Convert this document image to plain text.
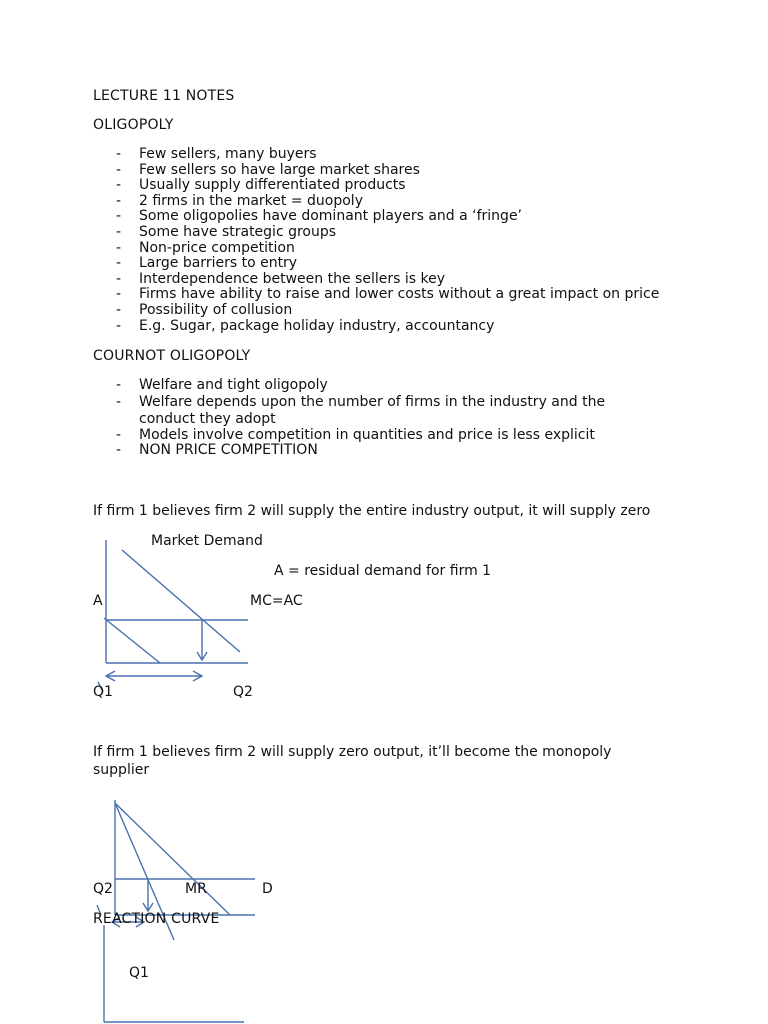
LECTURE 11 NOTES
OLIGOPOLY
- Few sellers, many buyers
- Few sellers so have large market shares
- Usually supply differentiated products
- 2 firms in the market = duopoly
- Some oligopolies have dominant players and a ‘fringe’
- Some have strategic groups
- Non-price competition
- Large barriers to entry
- Interdependence between the sellers is key
- Firms have ability to raise and lower costs without a great impact on price
- Possibility of collusion
- E.g. Sugar, package holiday industry, accountancy
COURNOT OLIGOPOLY
- Welfare and tight oligopoly
- Welfare depends upon the number of firms in the industry and the conduct they adopt
- Models involve competition in quantities and price is less explicit
- NON PRICE COMPETITION
If firm 1 believes firm 2 will supply the entire industry output, it will supply zero
Market Demand
A = residual demand for firm 1
A	MC=AC
Q1	Q2
If firm 1 believes firm 2 will supply zero output, it’ll become the monopoly supplier
Q2	MR	D
REACTION CURVE
Q1
